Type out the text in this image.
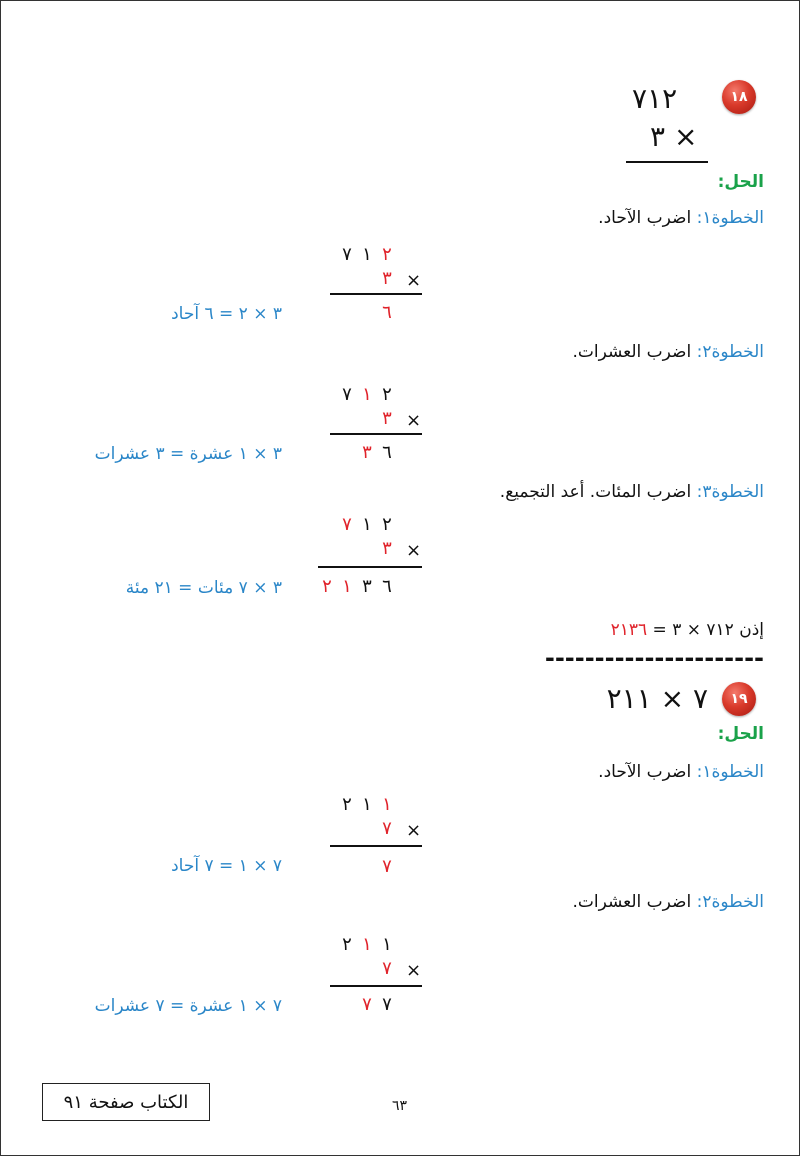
١٨
٧١٢
٣ ×
الحل:
الخطوة١: اضرب الآحاد.
٧ ١ ٢
٣ ×
٦
٣ × ٢ = ٦ آحاد
الخطوة٢: اضرب العشرات.
٧ ١ ٢
٣ ×
٣ ٦
٣ × ١ عشرة = ٣ عشرات
الخطوة٣: اضرب المئات. أعد التجميع.
٧ ١ ٢
٣ ×
٢ ١ ٣ ٦
٣ × ٧ مئات = ٢١ مئة
إذن ٧١٢ × ٣ = ٢١٣٦
----------------------
١٩
٧ × ٢١١
الحل:
الخطوة١: اضرب الآحاد.
٢ ١ ١
٧ ×
٧
٧ × ١ = ٧ آحاد
الخطوة٢: اضرب العشرات.
٢ ١ ١
٧ ×
٧ ٧
٧ × ١ عشرة = ٧ عشرات
الكتاب صفحة ٩١	٦٣
